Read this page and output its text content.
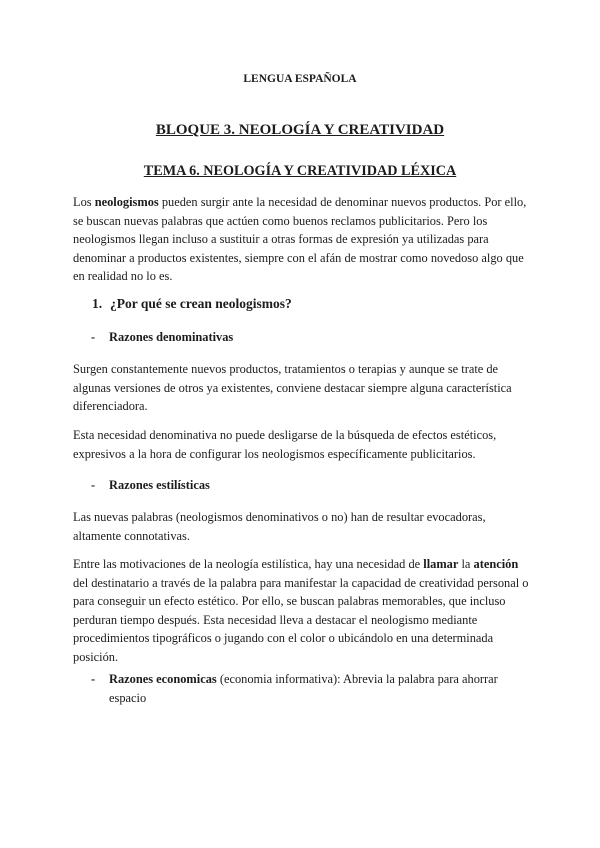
LENGUA ESPAÑOLA
BLOQUE 3. NEOLOGÍA Y CREATIVIDAD
TEMA 6. NEOLOGÍA Y CREATIVIDAD LÉXICA

Los neologismos pueden surgir ante la necesidad de denominar nuevos productos. Por ello, se buscan nuevas palabras que actúen como buenos reclamos publicitarios. Pero los neologismos llegan incluso a sustituir a otras formas de expresión ya utilizadas para denominar a productos existentes, siempre con el afán de mostrar como novedoso algo que en realidad no lo es.

1. ¿Por qué se crean neologismos?
- Razones denominativas

Surgen constantemente nuevos productos, tratamientos o terapias y aunque se trate de algunas versiones de otros ya existentes, conviene destacar siempre alguna característica diferenciadora.

Esta necesidad denominativa no puede desligarse de la búsqueda de efectos estéticos, expresivos a la hora de configurar los neologismos específicamente publicitarios.

- Razones estilísticas

Las nuevas palabras (neologismos denominativos o no) han de resultar evocadoras, altamente connotativas.

Entre las motivaciones de la neología estilística, hay una necesidad de llamar la atención del destinatario a través de la palabra para manifestar la capacidad de creatividad personal o para conseguir un efecto estético. Por ello, se buscan palabras memorables, que incluso perduran tiempo después. Esta necesidad lleva a destacar el neologismo mediante procedimientos tipográficos o jugando con el color o ubicándolo en una determinada posición.

- Razones economicas (economia informativa): Abrevia la palabra para ahorrar espacio
